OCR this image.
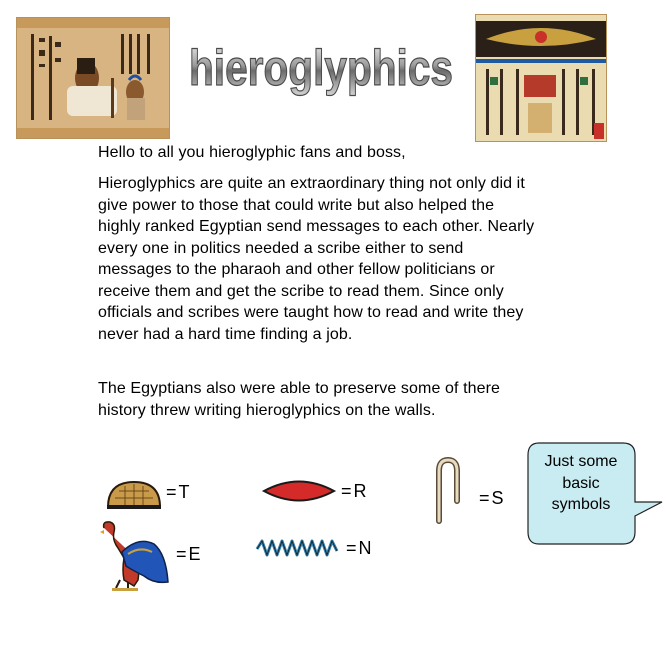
hieroglyphics
Hello to all you hieroglyphic fans and boss,
Hieroglyphics are quite an extraordinary thing not only did it give power to those that could write but also helped the highly ranked Egyptian send messages to each other. Nearly every one in politics needed a scribe either to send messages to the pharaoh and other fellow politicians or receive them and get the scribe to read them. Since only officials and scribes were taught how to read and write they never had a hard time finding a job.
The Egyptians also were able to preserve some of there history threw writing hieroglyphics on the walls.
=T	=R	=S
=E	=N
Just some basic symbols
